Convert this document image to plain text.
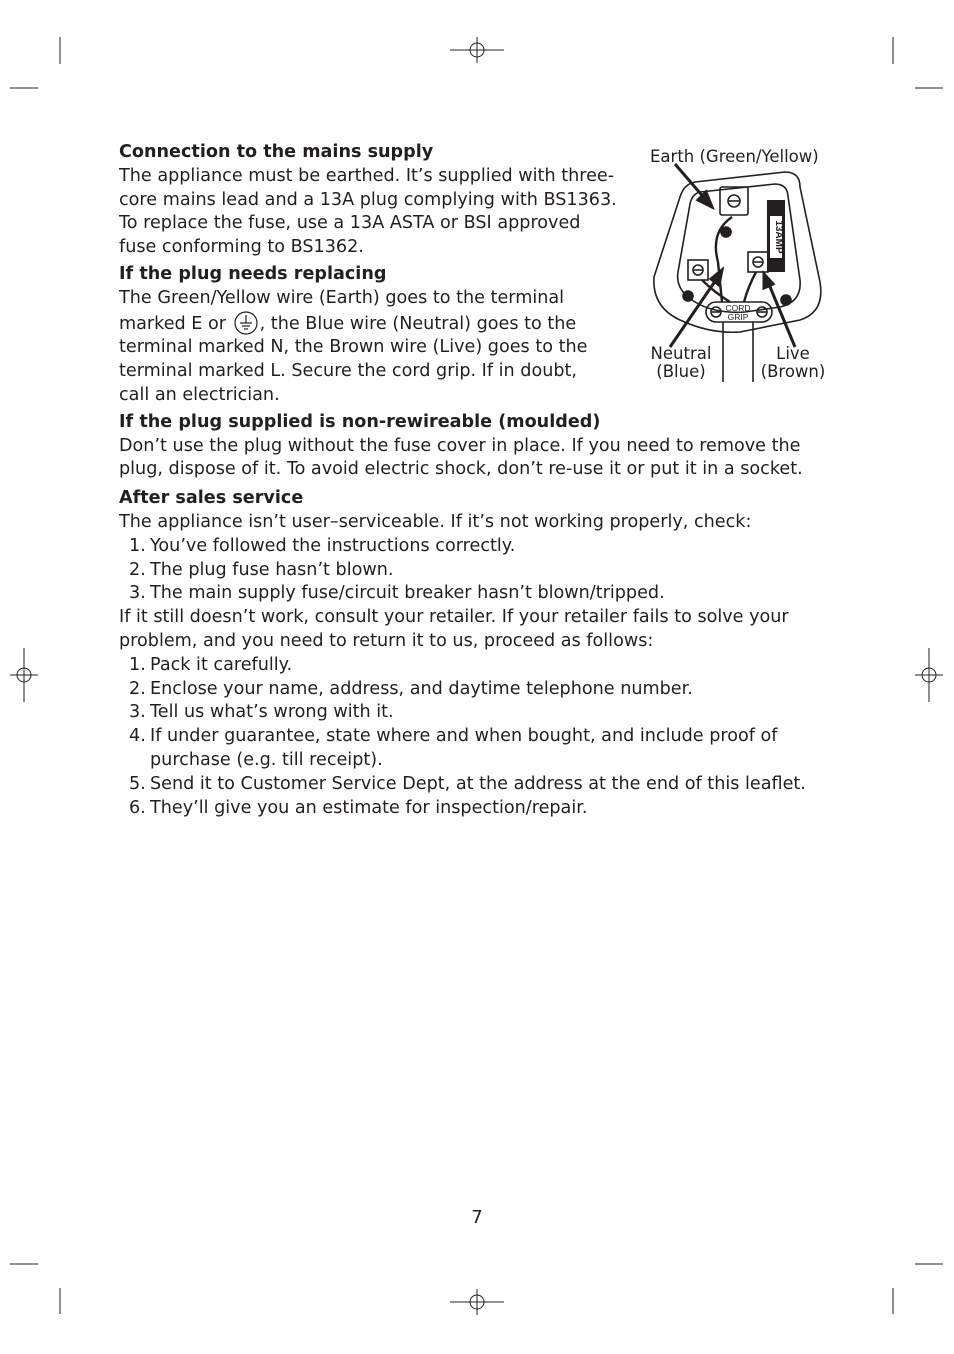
Connection to the mains supply

The appliance must be earthed. It’s supplied with three-

core mains lead and a 13A plug complying with BS1363.

To replace the fuse, use a 13A ASTA or BSI approved

fuse conforming to BS1362.

If the plug needs replacing

The Green/Yellow wire (Earth) goes to the terminal

marked E or , the Blue wire (Neutral) goes to the

terminal marked N, the Brown wire (Live) goes to the

terminal marked L. Secure the cord grip. If in doubt,

call an electrician.

If the plug supplied is non-rewireable (moulded)

Don’t use the plug without the fuse cover in place. If you need to remove the

plug, dispose of it. To avoid electric shock, don’t re-use it or put it in a socket.

After sales service

The appliance isn’t user–serviceable. If it’s not working properly, check:

1. You’ve followed the instructions correctly.
2. The plug fuse hasn’t blown.
3. The main supply fuse/circuit breaker hasn’t blown/tripped.

If it still doesn’t work, consult your retailer. If your retailer fails to solve your

problem, and you need to return it to us, proceed as follows:

1. Pack it carefully.
2. Enclose your name, address, and daytime telephone number.
3. Tell us what’s wrong with it.
4. If under guarantee, state where and when bought, and include proof of purchase (e.g. till receipt).
5. Send it to Customer Service Dept, at the address at the end of this leaflet.
6. They’ll give you an estimate for inspection/repair.
Earth (Green/Yellow)
13AMP
CORD
GRIP
Neutral
(Blue)
Live
(Brown)
7
